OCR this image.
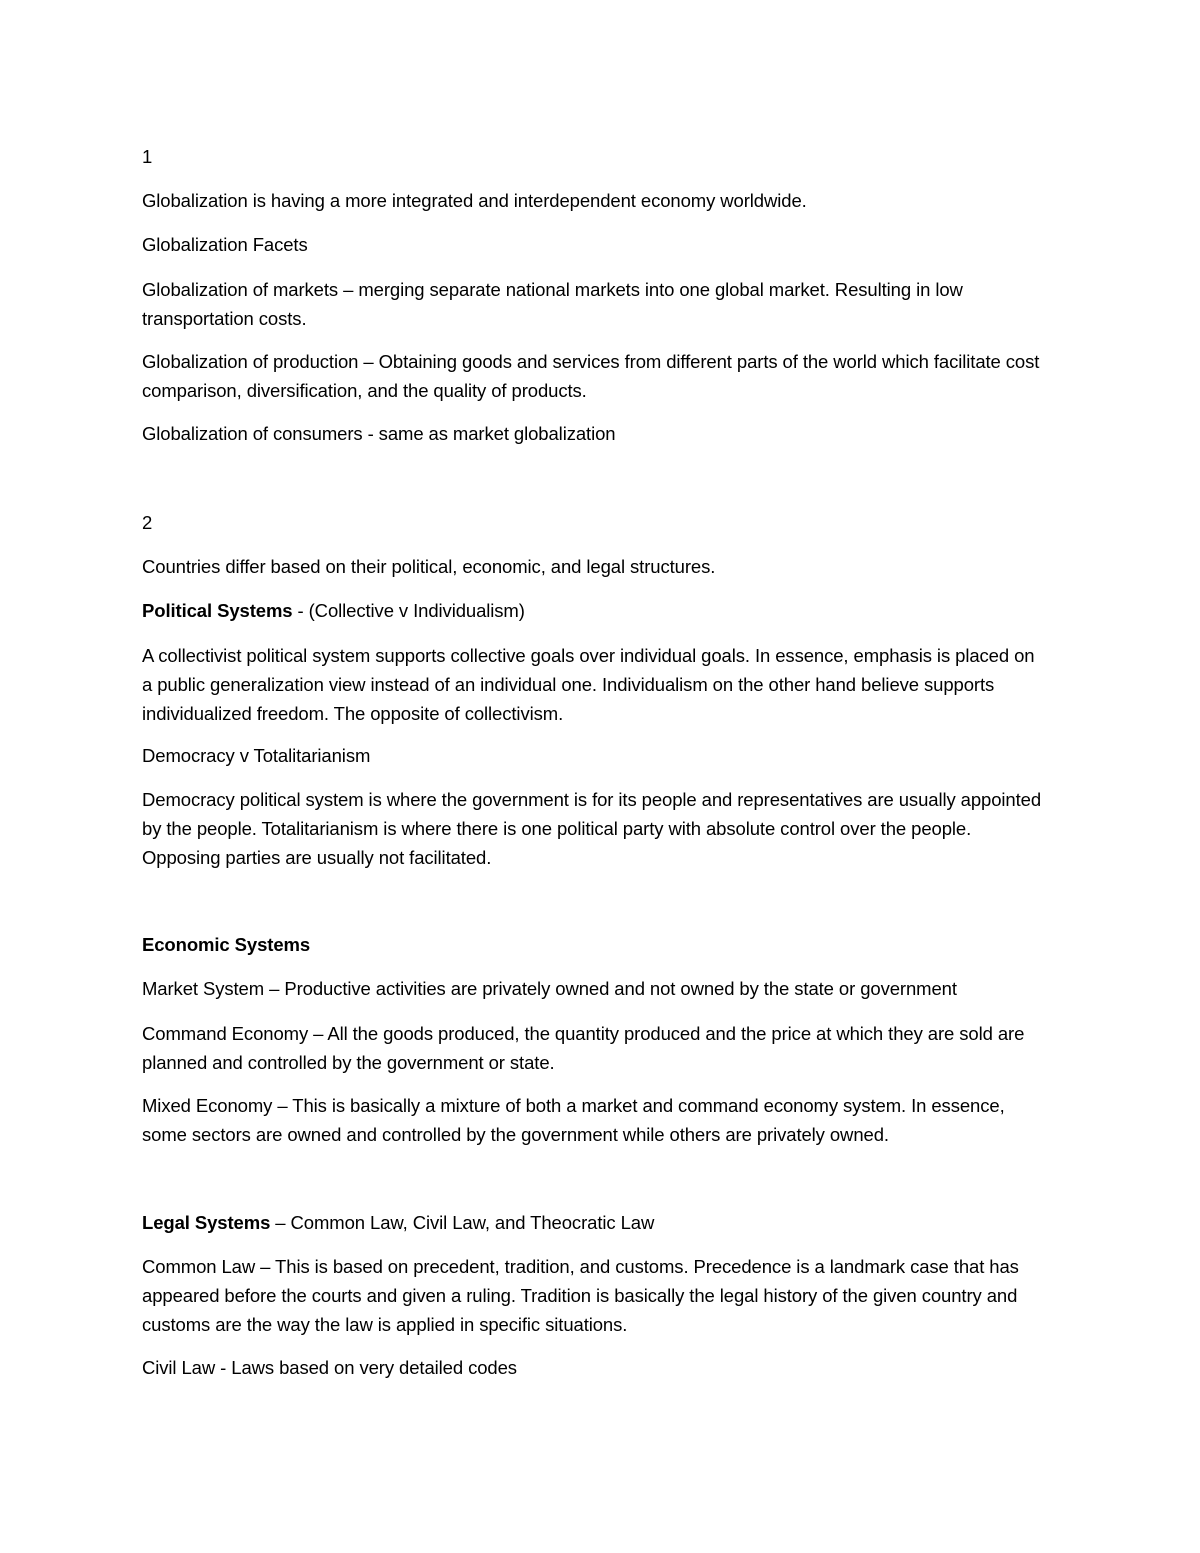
1

Globalization is having a more integrated and interdependent economy worldwide.

Globalization Facets

Globalization of markets – merging separate national markets into one global market. Resulting in low transportation costs.

Globalization of production – Obtaining goods and services from different parts of the world which facilitate cost comparison, diversification, and the quality of products.

Globalization of consumers - same as market globalization

2

Countries differ based on their political, economic, and legal structures.

Political Systems - (Collective v Individualism)

A collectivist political system supports collective goals over individual goals. In essence, emphasis is placed on a public generalization view instead of an individual one. Individualism on the other hand believe supports individualized freedom. The opposite of collectivism.

Democracy v Totalitarianism

Democracy political system is where the government is for its people and representatives are usually appointed by the people. Totalitarianism is where there is one political party with absolute control over the people. Opposing parties are usually not facilitated.

Economic Systems

Market System – Productive activities are privately owned and not owned by the state or government

Command Economy – All the goods produced, the quantity produced and the price at which they are sold are planned and controlled by the government or state.

Mixed Economy – This is basically a mixture of both a market and command economy system. In essence, some sectors are owned and controlled by the government while others are privately owned.

Legal Systems – Common Law, Civil Law, and Theocratic Law

Common Law – This is based on precedent, tradition, and customs. Precedence is a landmark case that has appeared before the courts and given a ruling. Tradition is basically the legal history of the given country and customs are the way the law is applied in specific situations.

Civil Law - Laws based on very detailed codes
